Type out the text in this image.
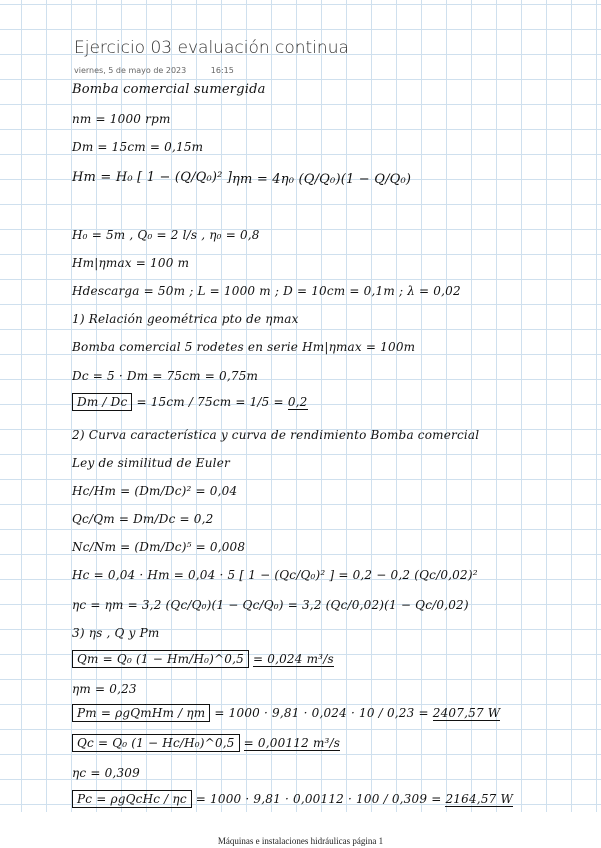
Ejercicio 03 evaluación continua
viernes, 5 de mayo de 2023	16:15
Bomba comercial sumergida
nm = 1000 rpm
Dm = 15cm = 0,15m
Hm = H₀ [ 1 − (Q/Q₀)² ] ηm = 4η₀ (Q/Q₀)(1 − Q/Q₀)
H₀ = 5m , Q₀ = 2 l/s , η₀ = 0,8
Hm|ηmax = 100 m
Hdescarga = 50m ; L = 1000 m ; D = 10cm = 0,1m ; λ = 0,02
1) Relación geométrica pto de ηmax
Bomba comercial 5 rodetes en serie Hm|ηmax = 100m
Dc = 5 · Dm = 75cm = 0,75m
Dm / Dc = 15cm / 75cm = 1/5 = 0,2
2) Curva característica y curva de rendimiento Bomba comercial
Ley de similitud de Euler
Hc/Hm = (Dm/Dc)² = 0,04
Qc/Qm = Dm/Dc = 0,2
Nc/Nm = (Dm/Dc)⁵ = 0,008
Hc = 0,04 · Hm = 0,04 · 5 [ 1 − (Qc/Q₀)² ] = 0,2 − 0,2 (Qc/0,02)²
ηc = ηm = 3,2 (Qc/Q₀)(1 − Qc/Q₀) = 3,2 (Qc/0,02)(1 − Qc/0,02)
3) ηs , Q y Pm
Qm = Q₀ (1 − Hm/H₀)^0,5 = 0,024 m³/s
ηm = 0,23
Pm = ρgQmHm / ηm = 1000 · 9,81 · 0,024 · 10 / 0,23 = 2407,57 W
Qc = Q₀ (1 − Hc/H₀)^0,5 = 0,00112 m³/s
ηc = 0,309
Pc = ρgQcHc / ηc = 1000 · 9,81 · 0,00112 · 100 / 0,309 = 2164,57 W
Máquinas e instalaciones hidráulicas página 1
